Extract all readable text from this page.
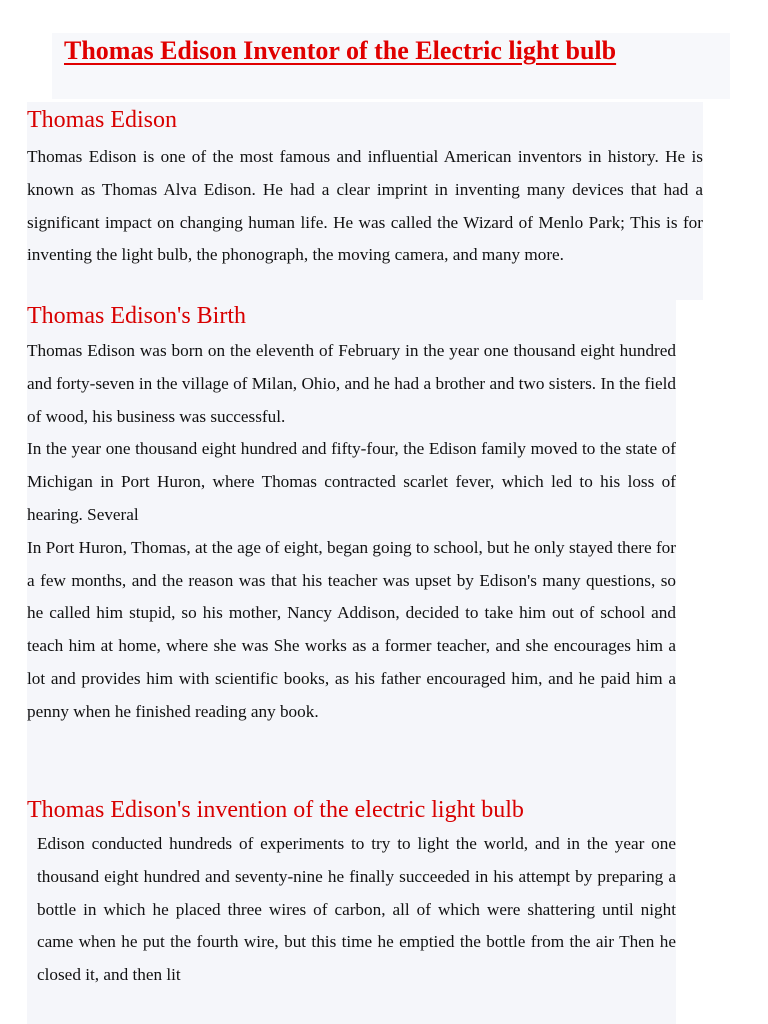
Thomas Edison Inventor of the Electric light bulb
Thomas Edison

Thomas Edison is one of the most famous and influential American inventors in history. He is known as Thomas Alva Edison. He had a clear imprint in inventing many devices that had a significant impact on changing human life. He was called the Wizard of Menlo Park; This is for inventing the light bulb, the phonograph, the moving camera, and many more.

Thomas Edison's Birth

Thomas Edison was born on the eleventh of February in the year one thousand eight hundred and forty-seven in the village of Milan, Ohio, and he had a brother and two sisters. In the field of wood, his business was successful.

In the year one thousand eight hundred and fifty-four, the Edison family moved to the state of Michigan in Port Huron, where Thomas contracted scarlet fever, which led to his loss of hearing. Several

In Port Huron, Thomas, at the age of eight, began going to school, but he only stayed there for a few months, and the reason was that his teacher was upset by Edison's many questions, so he called him stupid, so his mother, Nancy Addison, decided to take him out of school and teach him at home, where she was She works as a former teacher, and she encourages him a lot and provides him with scientific books, as his father encouraged him, and he paid him a penny when he finished reading any book.

Thomas Edison's invention of the electric light bulb

Edison conducted hundreds of experiments to try to light the world, and in the year one thousand eight hundred and seventy-nine he finally succeeded in his attempt by preparing a bottle in which he placed three wires of carbon, all of which were shattering until night came when he put the fourth wire, but this time he emptied the bottle from the air Then he closed it, and then lit
